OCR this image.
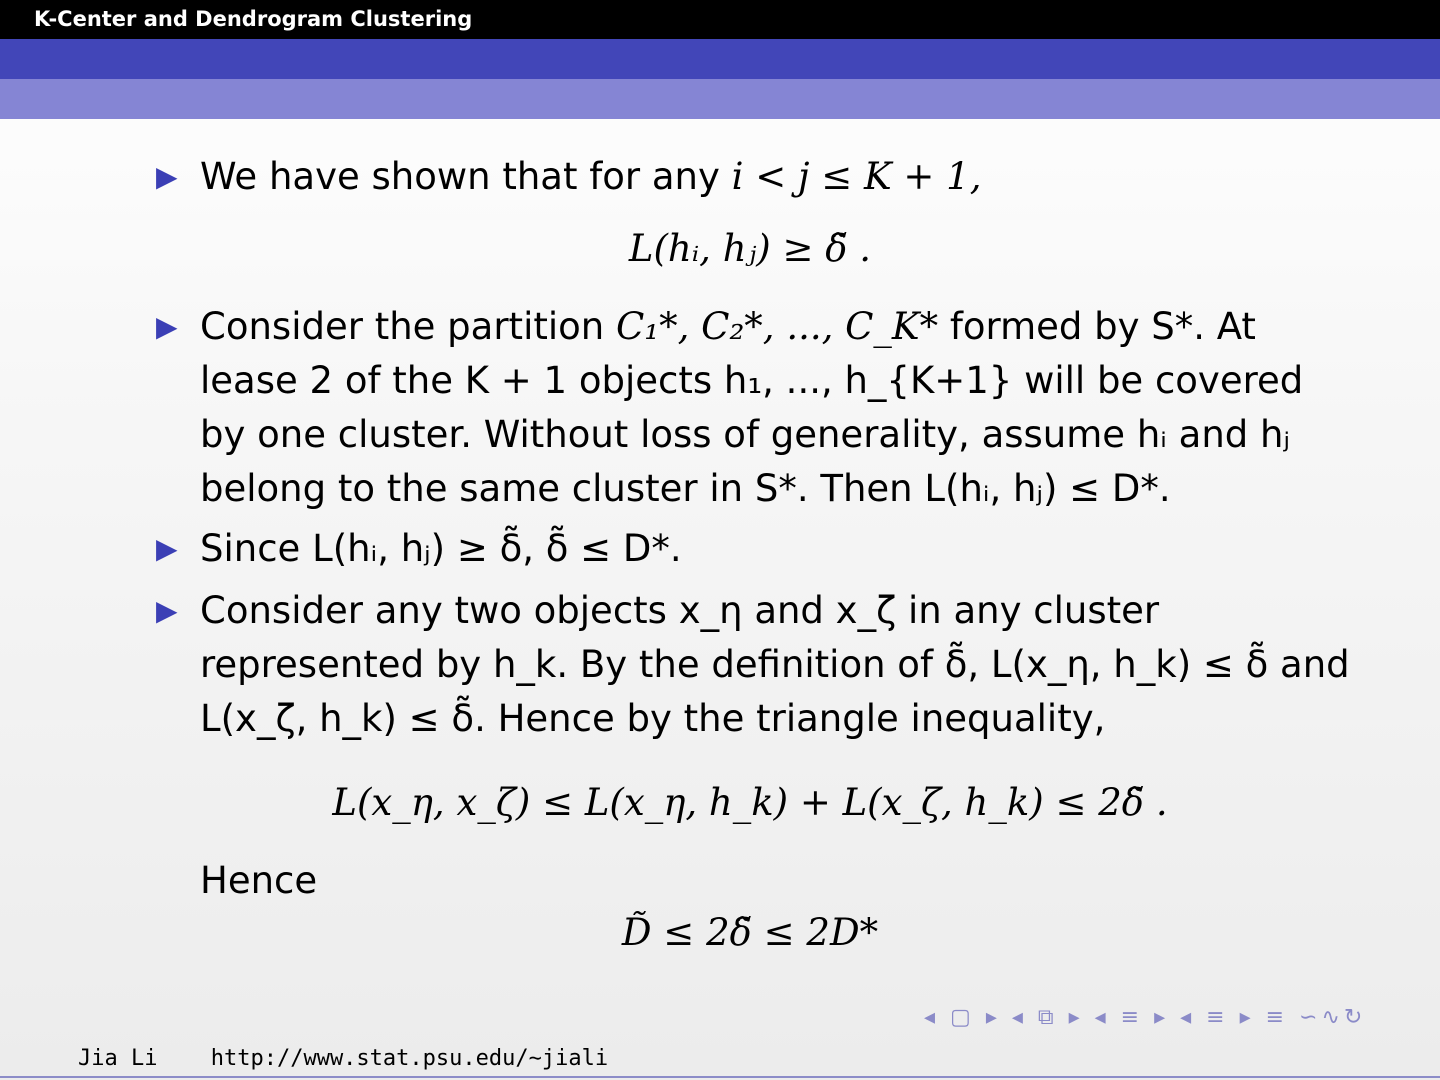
K-Center and Dendrogram Clustering
▶ We have shown that for any i < j ≤ K + 1,
L(hᵢ, hⱼ) ≥ δ̃ .
▶ Consider the partition C₁*, C₂*, ..., C_K* formed by S*. At lease 2 of the K + 1 objects h₁, ..., h_{K+1} will be covered by one cluster. Without loss of generality, assume hᵢ and hⱼ belong to the same cluster in S*. Then L(hᵢ, hⱼ) ≤ D*.
▶ Since L(hᵢ, hⱼ) ≥ δ̃, δ̃ ≤ D*.
▶ Consider any two objects x_η and x_ζ in any cluster represented by h_k. By the definition of δ̃, L(x_η, h_k) ≤ δ̃ and L(x_ζ, h_k) ≤ δ̃. Hence by the triangle inequality,
L(x_η, x_ζ) ≤ L(x_η, h_k) + L(x_ζ, h_k) ≤ 2δ̃ .
Hence
D̃ ≤ 2δ̃ ≤ 2D*
◂ ▢ ▸ ◂ ⧉ ▸ ◂ ≡ ▸ ◂ ≡ ▸ ≡ ∽∿↻
Jia Li http://www.stat.psu.edu/∼jiali
